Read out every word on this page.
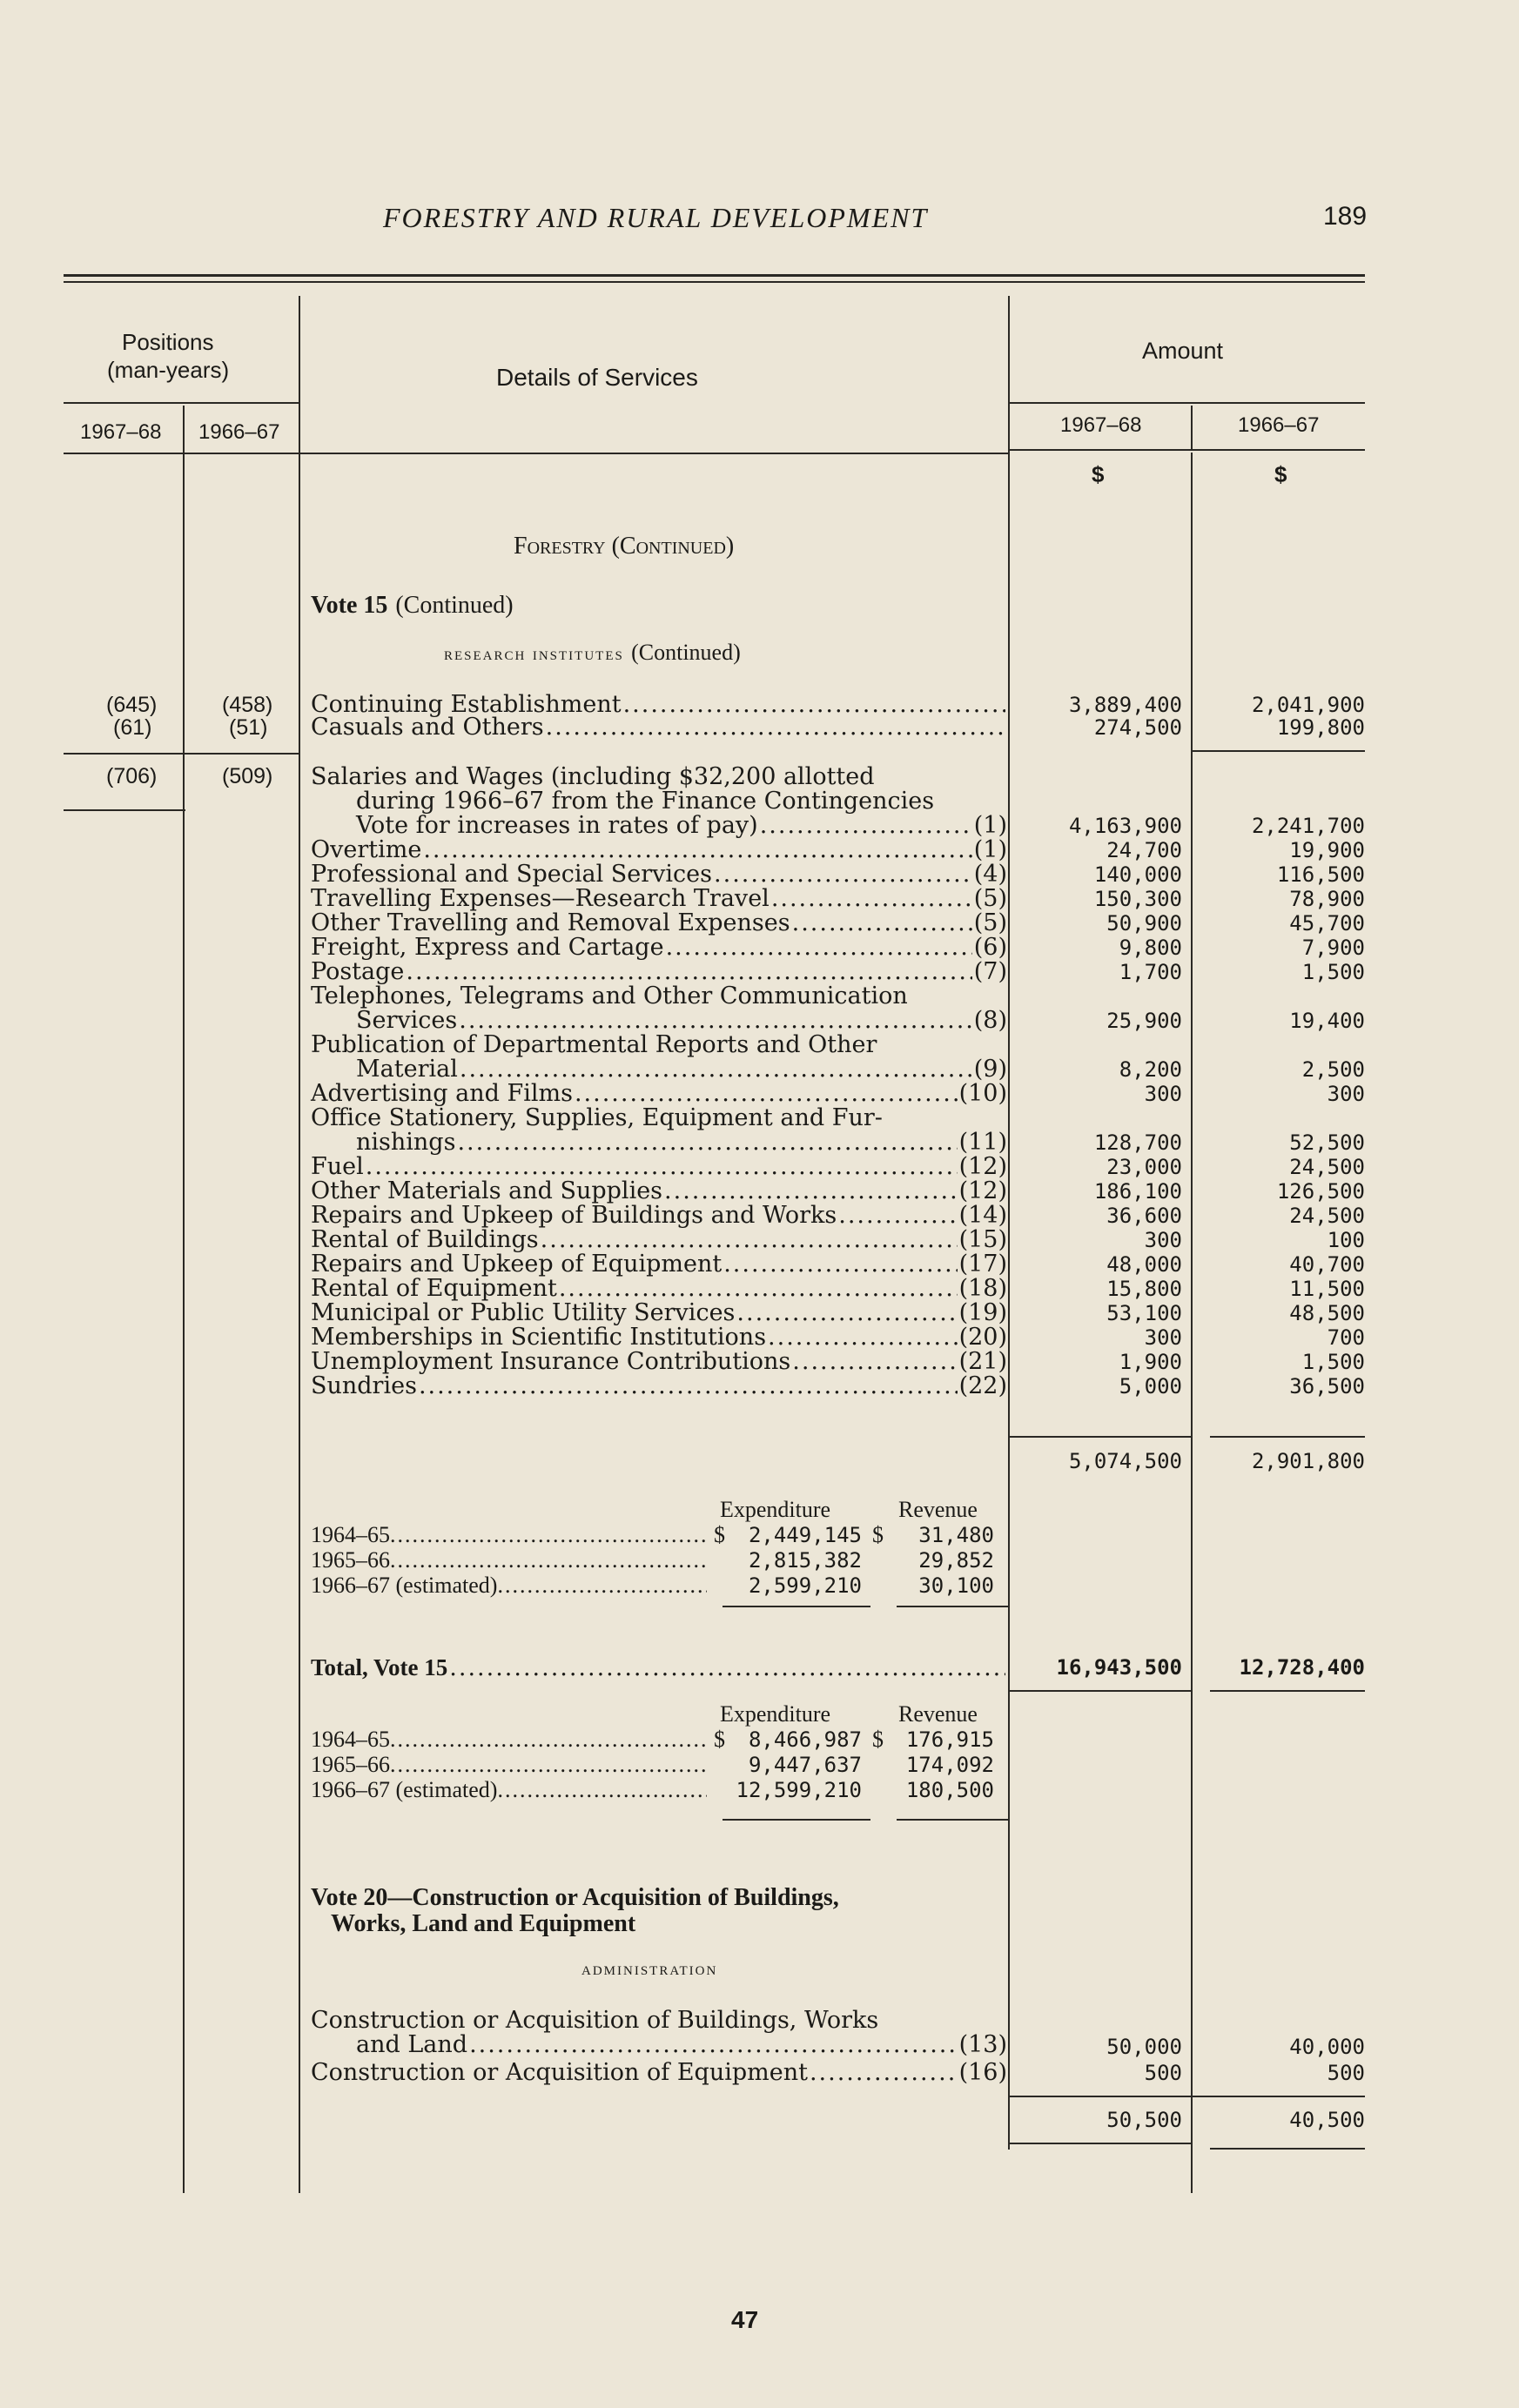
FORESTRY AND RURAL DEVELOPMENT	189
Positions
(man-years)	Details of Services
Amount
1967–68 1966–67	1967–68	1966–67
$	$
Forestry (Continued)
Vote 15 (Continued)
research institutes (Continued)
(645)	(458) Continuing Establishment .....	3,889,400	2,041,900
(61)	(51) Casuals and Others .....	274,500	199,800
(706)	(509) Salaries and Wages (including $32,200 allotted
during 1966–67 from the Finance Contingencies
Vote for increases in rates of pay) .....	(1)	4,163,900	2,241,700
Overtime .....	(1)	24,700	19,900
Professional and Special Services .....	(4)	140,000	116,500
Travelling Expenses—Research Travel .....	(5)	150,300	78,900
Other Travelling and Removal Expenses .....	(5)	50,900	45,700
Freight, Express and Cartage .....	(6)	9,800	7,900
Postage .....	(7)	1,700	1,500
Telephones, Telegrams and Other Communication
Services .....	(8)	25,900	19,400
Publication of Departmental Reports and Other
Material .....	(9)	8,200	2,500
Advertising and Films .....	(10)	300	300
Office Stationery, Supplies, Equipment and Fur-
nishings .....	(11)	128,700	52,500
Fuel .....	(12)	23,000	24,500
Other Materials and Supplies .....	(12)	186,100	126,500
Repairs and Upkeep of Buildings and Works .....	(14)	36,600	24,500
Rental of Buildings .....	(15)	300	100
Repairs and Upkeep of Equipment .....	(17)	48,000	40,700
Rental of Equipment .....	(18)	15,800	11,500
Municipal or Public Utility Services .....	(19)	53,100	48,500
Memberships in Scientific Institutions .....	(20)	300	700
Unemployment Insurance Contributions .....	(21)	1,900	1,500
Sundries .....	(22)	5,000	36,500
5,074,500	2,901,800
Expenditure	Revenue
1964–65 .....	$	2,449,145 $	31,480
1965–66 .....	2,815,382	29,852
1966–67 (estimated) .....	2,599,210	30,100
Total, Vote 15 .....	16,943,500	12,728,400
Expenditure	Revenue
1964–65 .....	$	8,466,987 $	176,915
1965–66 .....	9,447,637	174,092
1966–67 (estimated) .....	12,599,210	180,500
Vote 20—Construction or Acquisition of Buildings,
Works, Land and Equipment
administration
Construction or Acquisition of Buildings, Works
and Land .....	(13)	50,000	40,000
Construction or Acquisition of Equipment .....	(16)	500	500
50,500	40,500
47
